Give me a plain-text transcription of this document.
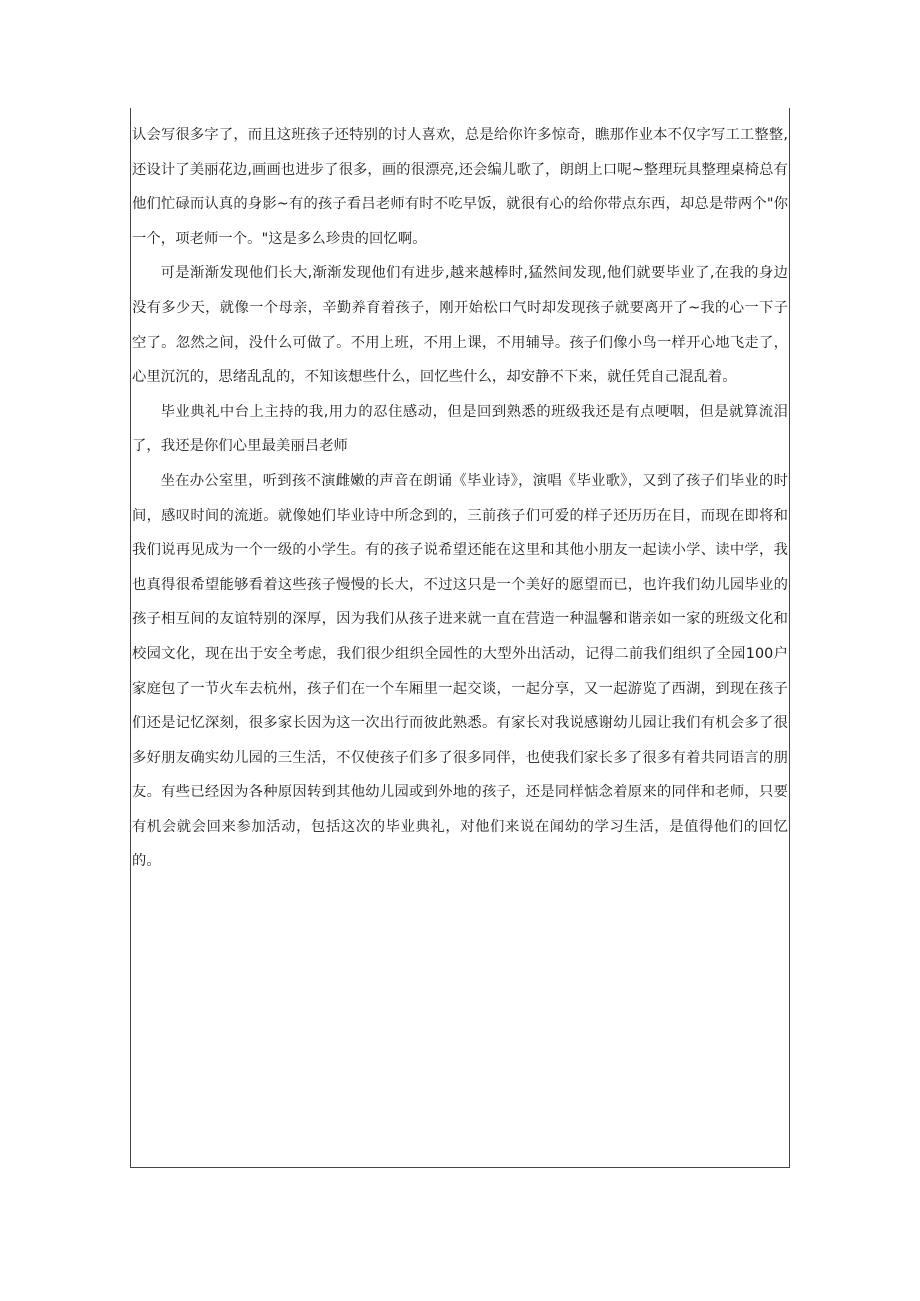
认会写很多字了，而且这班孩子还特别的讨人喜欢，总是给你许多惊奇，瞧那作业本不仅字写工工整整,还设计了美丽花边,画画也进步了很多，画的很漂亮,还会编儿歌了，朗朗上口呢~整理玩具整理桌椅总有他们忙碌而认真的身影~有的孩子看吕老师有时不吃早饭，就很有心的给你带点东西，却总是带两个"你一个，项老师一个。"这是多么珍贵的回忆啊。

可是渐渐发现他们长大,渐渐发现他们有进步,越来越棒时,猛然间发现,他们就要毕业了,在我的身边没有多少天，就像一个母亲，辛勤养育着孩子，刚开始松口气时却发现孩子就要离开了~我的心一下子空了。忽然之间，没什么可做了。不用上班，不用上课，不用辅导。孩子们像小鸟一样开心地飞走了，心里沉沉的，思绪乱乱的，不知该想些什么，回忆些什么，却安静不下来，就任凭自己混乱着。

毕业典礼中台上主持的我,用力的忍住感动，但是回到熟悉的班级我还是有点哽咽，但是就算流泪了，我还是你们心里最美丽吕老师

坐在办公室里，听到孩不演雌嫩的声音在朗诵《毕业诗》，演唱《毕业歌》，又到了孩子们毕业的时间，感叹时间的流逝。就像她们毕业诗中所念到的，三前孩子们可爱的样子还历历在目，而现在即将和我们说再见成为一个一级的小学生。有的孩子说希望还能在这里和其他小朋友一起读小学、读中学，我也真得很希望能够看着这些孩子慢慢的长大，不过这只是一个美好的愿望而已，也许我们幼儿园毕业的孩子相互间的友谊特别的深厚，因为我们从孩子进来就一直在营造一种温馨和谐亲如一家的班级文化和校园文化，现在出于安全考虑，我们很少组织全园性的大型外出活动，记得二前我们组织了全园100户家庭包了一节火车去杭州，孩子们在一个车厢里一起交谈，一起分享，又一起游览了西湖，到现在孩子们还是记忆深刻，很多家长因为这一次出行而彼此熟悉。有家长对我说感谢幼儿园让我们有机会多了很多好朋友确实幼儿园的三生活，不仅使孩子们多了很多同伴，也使我们家长多了很多有着共同语言的朋友。有些已经因为各种原因转到其他幼儿园或到外地的孩子，还是同样惦念着原来的同伴和老师，只要有机会就会回来参加活动，包括这次的毕业典礼，对他们来说在闻幼的学习生活，是值得他们的回忆的。
